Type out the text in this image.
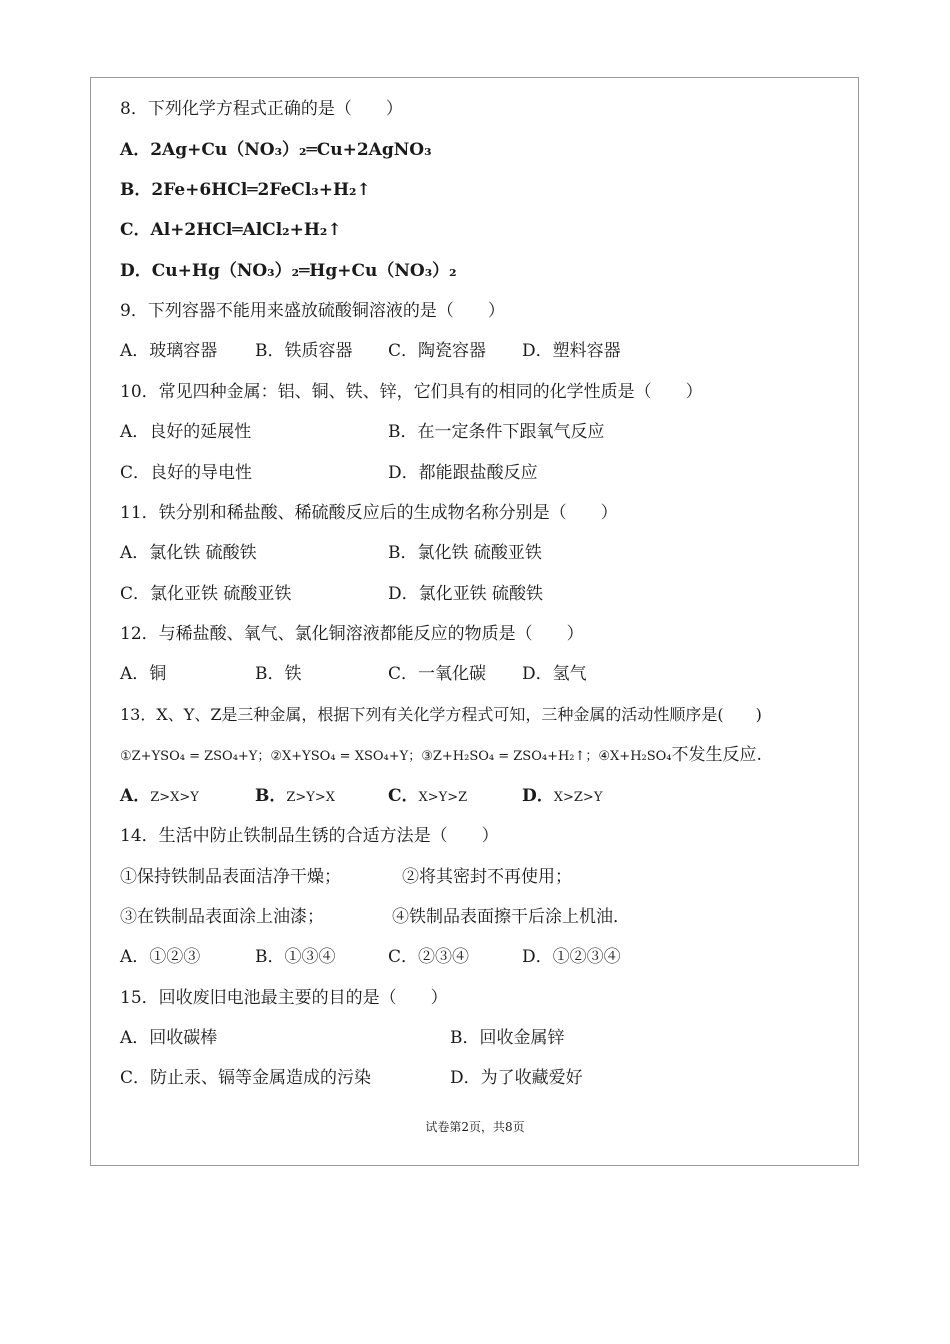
8．下列化学方程式正确的是（　　）
A．2Ag+Cu（NO₃）₂═Cu+2AgNO₃
B．2Fe+6HCl═2FeCl₃+H₂↑
C．Al+2HCl═AlCl₂+H₂↑
D．Cu+Hg（NO₃）₂═Hg+Cu（NO₃）₂
9．下列容器不能用来盛放硫酸铜溶液的是（　　）
A．玻璃容器 B．铁质容器 C．陶瓷容器 D．塑料容器
10．常见四种金属：铝、铜、铁、锌，它们具有的相同的化学性质是（　　）
A．良好的延展性	B．在一定条件下跟氧气反应
C．良好的导电性	D．都能跟盐酸反应
11．铁分别和稀盐酸、稀硫酸反应后的生成物名称分别是（　　）
A．氯化铁 硫酸铁	B．氯化铁 硫酸亚铁
C．氯化亚铁 硫酸亚铁	D．氯化亚铁 硫酸铁
12．与稀盐酸、氧气、氯化铜溶液都能反应的物质是（　　）
A．铜	B．铁	C．一氧化碳 D．氢气
13．X、Y、Z是三种金属，根据下列有关化学方程式可知，三种金属的活动性顺序是(　　)
①Z+YSO₄ = ZSO₄+Y；②X+YSO₄ = XSO₄+Y；③Z+H₂SO₄ = ZSO₄+H₂↑；④X+H₂SO₄不发生反应.
A．Z>X>Y	B．Z>Y>X	C．X>Y>Z	D．X>Z>Y
14．生活中防止铁制品生锈的合适方法是（　　）
①保持铁制品表面洁净干燥；	②将其密封不再使用；
③在铁制品表面涂上油漆；	④铁制品表面擦干后涂上机油．
A．①②③	B．①③④	C．②③④	D．①②③④
15．回收废旧电池最主要的目的是（　　）
A．回收碳棒	B．回收金属锌
C．防止汞、镉等金属造成的污染	D．为了收藏爱好
试卷第2页，共8页
